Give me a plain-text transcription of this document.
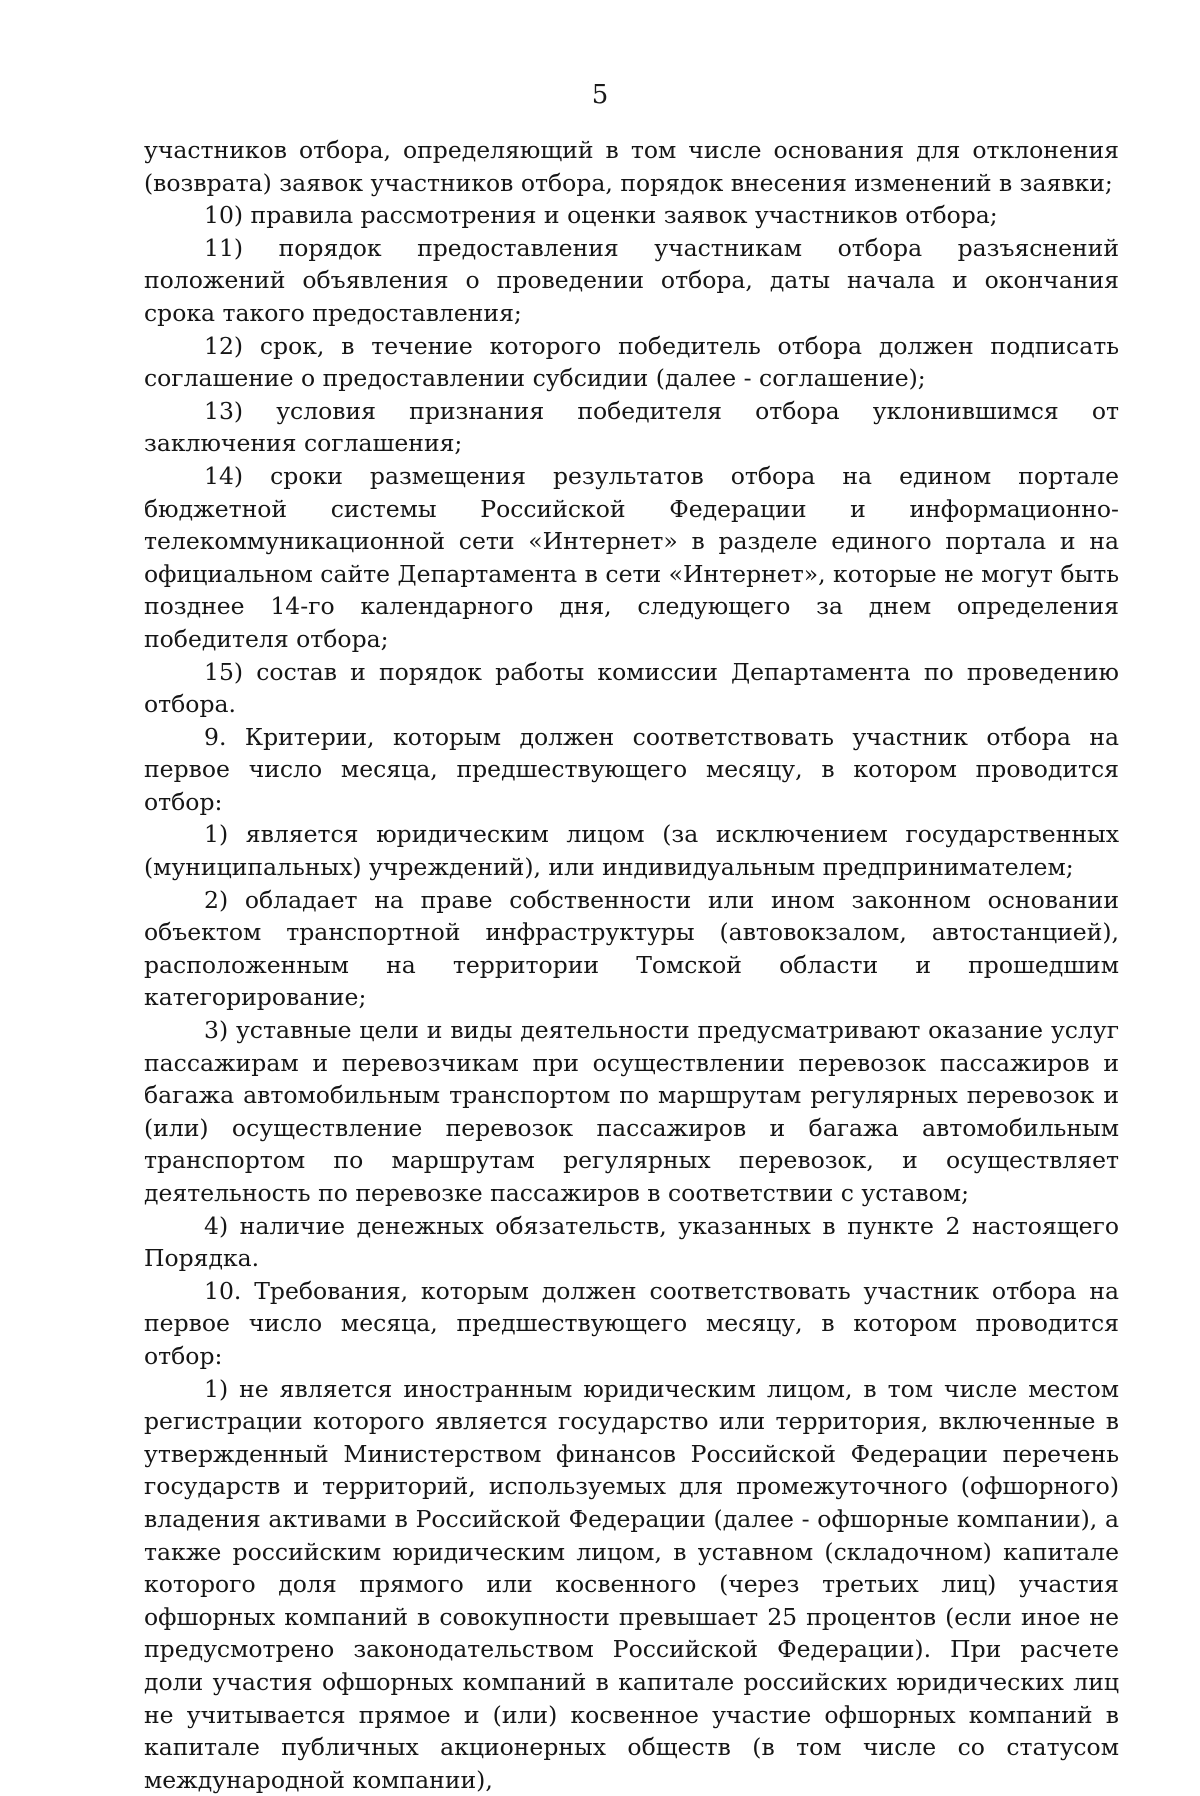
5

участников отбора, определяющий в том числе основания для отклонения (возврата) заявок участников отбора, порядок внесения изменений в заявки;

10) правила рассмотрения и оценки заявок участников отбора;

11) порядок предоставления участникам отбора разъяснений положений объявления о проведении отбора, даты начала и окончания срока такого предоставления;

12) срок, в течение которого победитель отбора должен подписать соглашение о предоставлении субсидии (далее - соглашение);

13) условия признания победителя отбора уклонившимся от заключения соглашения;

14) сроки размещения результатов отбора на едином портале бюджетной системы Российской Федерации и информационно-телекоммуникационной сети «Интернет» в разделе единого портала и на официальном сайте Департамента в сети «Интернет», которые не могут быть позднее 14-го календарного дня, следующего за днем определения победителя отбора;

15) состав и порядок работы комиссии Департамента по проведению отбора.

9. Критерии, которым должен соответствовать участник отбора на первое число месяца, предшествующего месяцу, в котором проводится отбор:

1) является юридическим лицом (за исключением государственных (муниципальных) учреждений), или индивидуальным предпринимателем;

2) обладает на праве собственности или ином законном основании объектом транспортной инфраструктуры (автовокзалом, автостанцией), расположенным на территории Томской области и прошедшим категорирование;

3) уставные цели и виды деятельности предусматривают оказание услуг пассажирам и перевозчикам при осуществлении перевозок пассажиров и багажа автомобильным транспортом по маршрутам регулярных перевозок и (или) осуществление перевозок пассажиров и багажа автомобильным транспортом по маршрутам регулярных перевозок, и осуществляет деятельность по перевозке пассажиров в соответствии с уставом;

4) наличие денежных обязательств, указанных в пункте 2 настоящего Порядка.

10. Требования, которым должен соответствовать участник отбора на первое число месяца, предшествующего месяцу, в котором проводится отбор:

1) не является иностранным юридическим лицом, в том числе местом регистрации которого является государство или территория, включенные в утвержденный Министерством финансов Российской Федерации перечень государств и территорий, используемых для промежуточного (офшорного) владения активами в Российской Федерации (далее - офшорные компании), а также российским юридическим лицом, в уставном (складочном) капитале которого доля прямого или косвенного (через третьих лиц) участия офшорных компаний в совокупности превышает 25 процентов (если иное не предусмотрено законодательством Российской Федерации). При расчете доли участия офшорных компаний в капитале российских юридических лиц не учитывается прямое и (или) косвенное участие офшорных компаний в капитале публичных акционерных обществ (в том числе со статусом международной компании),
